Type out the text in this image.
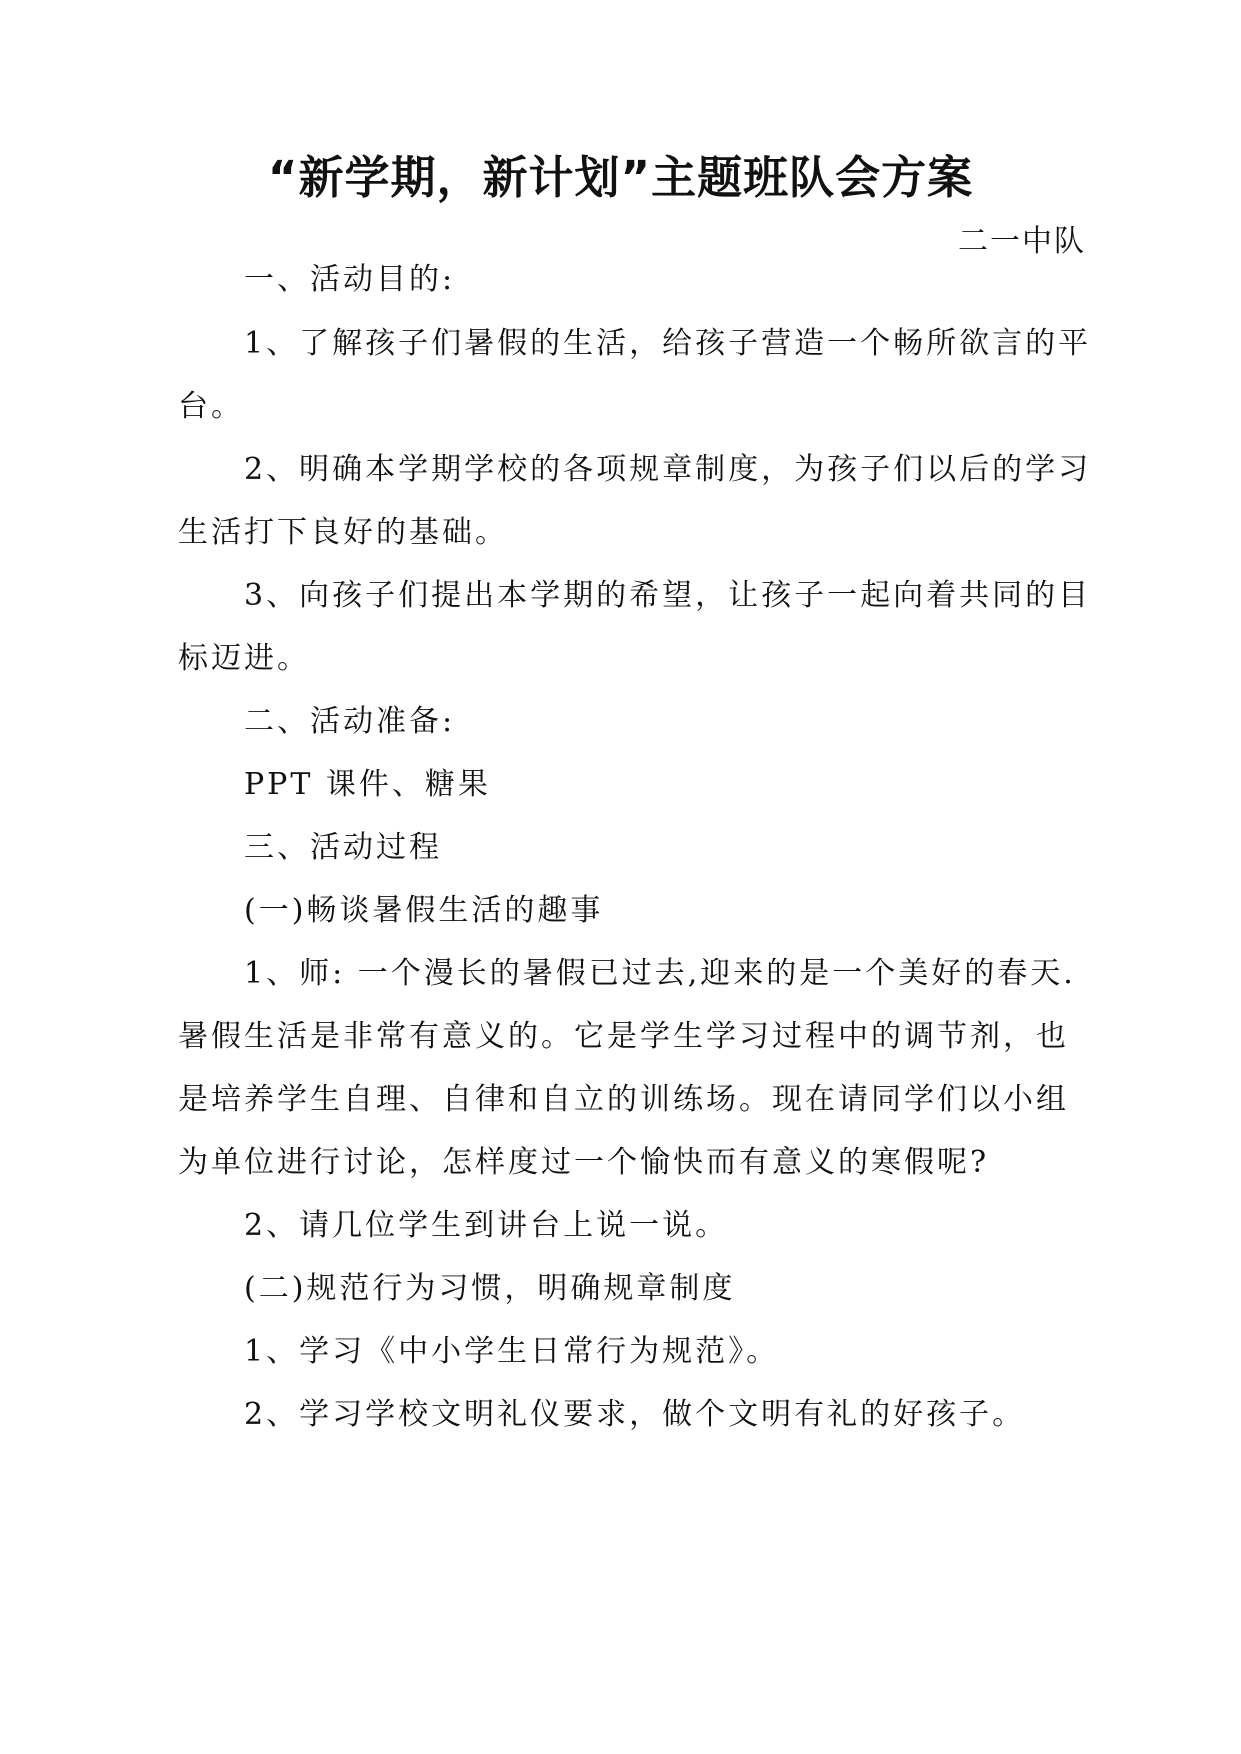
“新学期，新计划”主题班队会方案
二一中队
一、活动目的:
1、了解孩子们暑假的生活，给孩子营造一个畅所欲言的平
台。
2、明确本学期学校的各项规章制度，为孩子们以后的学习
生活打下良好的基础。
3、向孩子们提出本学期的希望，让孩子一起向着共同的目
标迈进。
二、活动准备:
PPT 课件、糖果
三、活动过程
(一)畅谈暑假生活的趣事
1、师: 一个漫长的暑假已过去,迎来的是一个美好的春天.
暑假生活是非常有意义的。它是学生学习过程中的调节剂，也
是培养学生自理、自律和自立的训练场。现在请同学们以小组
为单位进行讨论，怎样度过一个愉快而有意义的寒假呢?
2、请几位学生到讲台上说一说。
(二)规范行为习惯，明确规章制度
1、学习《中小学生日常行为规范》。
2、学习学校文明礼仪要求，做个文明有礼的好孩子。
